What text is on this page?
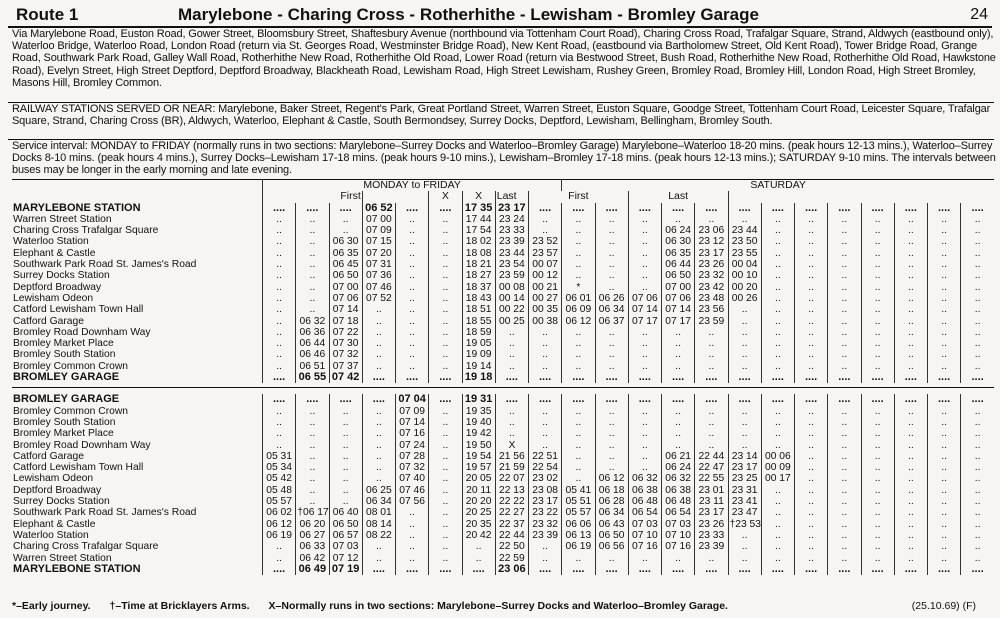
Route 1	Marylebone - Charing Cross - Rotherhithe - Lewisham - Bromley Garage	24
Via Marylebone Road, Euston Road, Gower Street, Bloomsbury Street, Shaftesbury Avenue (northbound via Tottenham Court Road), Charing Cross Road, Trafalgar Square, Strand, Aldwych (eastbound only), Waterloo Bridge, Waterloo Road, London Road (return via St. Georges Road, Westminster Bridge Road), New Kent Road, (eastbound via Bartholomew Street, Old Kent Road), Tower Bridge Road, Grange Road, Southwark Park Road, Galley Wall Road, Rotherhithe New Road, Rotherhithe Old Road, Lower Road (return via Bestwood Street, Bush Road, Rotherhithe New Road, Rotherhithe Old Road, Hawkstone Road), Evelyn Street, High Street Deptford, Deptford Broadway, Blackheath Road, Lewisham Road, High Street Lewisham, Rushey Green, Bromley Road, Bromley Hill, London Road, High Street Bromley, Masons Hill, Bromley Common.
RAILWAY STATIONS SERVED OR NEAR: Marylebone, Baker Street, Regent's Park, Great Portland Street, Warren Street, Euston Square, Goodge Street, Tottenham Court Road, Leicester Square, Trafalgar Square, Strand, Charing Cross (BR), Aldwych, Waterloo, Elephant & Castle, South Bermondsey, Surrey Docks, Deptford, Lewisham, Bellingham, Bromley South.
Service interval: MONDAY to FRIDAY (normally runs in two sections: Marylebone–Surrey Docks and Waterloo–Bromley Garage) Marylebone–Waterloo 18-20 mins. (peak hours 12-13 mins.), Waterloo–Surrey Docks 8-10 mins. (peak hours 4 mins.), Surrey Docks–Lewisham 17-18 mins. (peak hours 9-10 mins.), Lewisham–Bromley 17-18 mins. (peak hours 12-13 mins.); SATURDAY 9-10 mins. The intervals between buses may be longer in the early morning and late evening.
	MONDAY to FRIDAY									SATURDAY												
	First					X	X	Last	First			Last										
MARYLEBONE STATION	....	....	....	06 52	....	....	17 35	23 17	....	....	....	....	....	....	....	....	....	....	....	....	....	....
Warren Street Station	..	..	..	07 00	..	..	17 44	23 24	..	..	..	..	..	..	..	..	..	..	..	..	..	..
Charing Cross Trafalgar Square	..	..	..	07 09	..	..	17 54	23 33	..	..	..	..	06 24	23 06	23 44	..	..	..	..	..	..	..
Waterloo Station	..	..	06 30	07 15	..	..	18 02	23 39	23 52	..	..	..	06 30	23 12	23 50	..	..	..	..	..	..	..
Elephant & Castle	..	..	06 35	07 20	..	..	18 08	23 44	23 57	..	..	..	06 35	23 17	23 55	..	..	..	..	..	..	..
Southwark Park Road St. James's Road	..	..	06 45	07 31	..	..	18 21	23 54	00 07	..	..	..	06 44	23 26	00 04	..	..	..	..	..	..	..
Surrey Docks Station	..	..	06 50	07 36	..	..	18 27	23 59	00 12	..	..	..	06 50	23 32	00 10	..	..	..	..	..	..	..
Deptford Broadway	..	..	07 00	07 46	..	..	18 37	00 08	00 21	*	..	..	07 00	23 42	00 20	..	..	..	..	..	..	..
Lewisham Odeon	..	..	07 06	07 52	..	..	18 43	00 14	00 27	06 01	06 26	07 06	07 06	23 48	00 26	..	..	..	..	..	..	..
Catford Lewisham Town Hall	..	..	07 14	..	..	..	18 51	00 22	00 35	06 09	06 34	07 14	07 14	23 56	..	..	..	..	..	..	..	..
Catford Garage	..	06 32	07 18	..	..	..	18 55	00 25	00 38	06 12	06 37	07 17	07 17	23 59	..	..	..	..	..	..	..	..
Bromley Road Downham Way	..	06 36	07 22	..	..	..	18 59	..	..	..	..	..	..	..	..	..	..	..	..	..	..	..
Bromley Market Place	..	06 44	07 30	..	..	..	19 05	..	..	..	..	..	..	..	..	..	..	..	..	..	..	..
Bromley South Station	..	06 46	07 32	..	..	..	19 09	..	..	..	..	..	..	..	..	..	..	..	..	..	..	..
Bromley Common Crown	..	06 51	07 37	..	..	..	19 14	..	..	..	..	..	..	..	..	..	..	..	..	..	..	..
BROMLEY GARAGE	....	06 55	07 42	....	....	....	19 18	....	....	....	....	....	....	....	....	....	....	....	....	....	....	....

BROMLEY GARAGE	....	....	....	....	07 04	....	19 31	....	....	....	....	....	....	....	....	....	....	....	....	....	....	....
Bromley Common Crown	..	..	..	..	07 09	..	19 35	..	..	..	..	..	..	..	..	..	..	..	..	..	..	..
Bromley South Station	..	..	..	..	07 14	..	19 40	..	..	..	..	..	..	..	..	..	..	..	..	..	..	..
Bromley Market Place	..	..	..	..	07 16	..	19 42	..	..	..	..	..	..	..	..	..	..	..	..	..	..	..
Bromley Road Downham Way	..	..	..	..	07 24	..	19 50	X	..	..	..	..	..	..	..	..	..	..	..	..	..	..
Catford Garage	05 31	..	..	..	07 28	..	19 54	21 56	22 51	..	..	..	06 21	22 44	23 14	00 06	..	..	..	..	..	..
Catford Lewisham Town Hall	05 34	..	..	..	07 32	..	19 57	21 59	22 54	..	..	..	06 24	22 47	23 17	00 09	..	..	..	..	..	..
Lewisham Odeon	05 42	..	..	..	07 40	..	20 05	22 07	23 02	..	06 12	06 32	06 32	22 55	23 25	00 17	..	..	..	..	..	..
Deptford Broadway	05 48	..	..	06 25	07 46	..	20 11	22 13	23 08	05 41	06 18	06 38	06 38	23 01	23 31	..	..	..	..	..	..	..
Surrey Docks Station	05 57	..	..	06 34	07 56	..	20 20	22 22	23 17	05 51	06 28	06 48	06 48	23 11	23 41	..	..	..	..	..	..	..
Southwark Park Road St. James's Road	06 02	†06 17	06 40	08 01	..	..	20 25	22 27	23 22	05 57	06 34	06 54	06 54	23 17	23 47	..	..	..	..	..	..	..
Elephant & Castle	06 12	06 20	06 50	08 14	..	..	20 35	22 37	23 32	06 06	06 43	07 03	07 03	23 26	†23 53	..	..	..	..	..	..	..
Waterloo Station	06 19	06 27	06 57	08 22	..	..	20 42	22 44	23 39	06 13	06 50	07 10	07 10	23 33	..	..	..	..	..	..	..	..
Charing Cross Trafalgar Square	..	06 33	07 03	..	..	..	..	22 50	..	06 19	06 56	07 16	07 16	23 39	..	..	..	..	..	..	..	..
Warren Street Station	..	06 42	07 12	..	..	..	..	22 59	..	..	..	..	..	..	..	..	..	..	..	..	..	..
MARYLEBONE STATION	....	06 49	07 19	....	....	....	....	23 06	....	....	....	....	....	....	....	....	....	....	....	....	....	....
*–Early journey. †–Time at Bricklayers Arms. X–Normally runs in two sections: Marylebone–Surrey Docks and Waterloo–Bromley Garage.	(25.10.69) (F)
